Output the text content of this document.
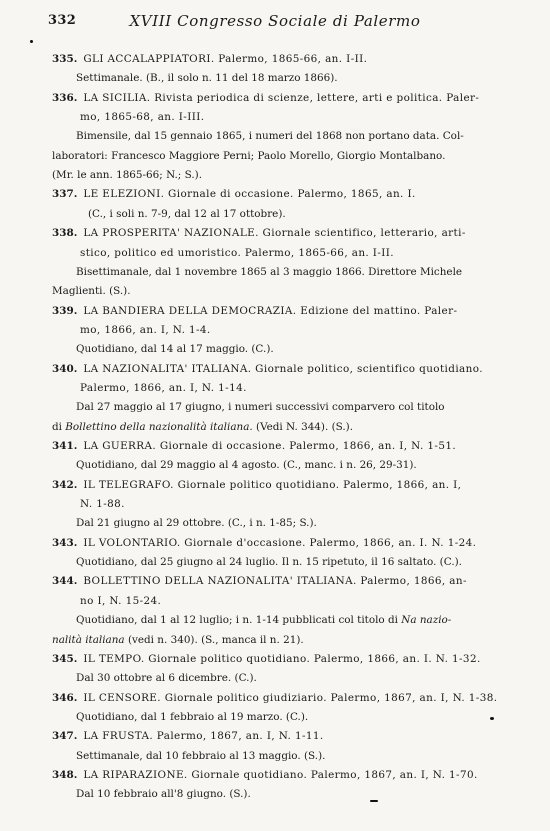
332	XVIII Congresso Sociale di Palermo
335. GLI ACCALAPPIATORI. Palermo, 1865-66, an. I-II.
Settimanale. (B., il solo n. 11 del 18 marzo 1866).
336. LA SICILIA. Rivista periodica di scienze, lettere, arti e politica. Paler-
mo, 1865-68, an. I-III.
Bimensile, dal 15 gennaio 1865, i numeri del 1868 non portano data. Col-
laboratori: Francesco Maggiore Perni; Paolo Morello, Giorgio Montalbano.
(Mr. le ann. 1865-66; N.; S.).
337. LE ELEZIONI. Giornale di occasione. Palermo, 1865, an. I.
(C., i soli n. 7-9, dal 12 al 17 ottobre).
338. LA PROSPERITA' NAZIONALE. Giornale scientifico, letterario, arti-
stico, politico ed umoristico. Palermo, 1865-66, an. I-II.
Bisettimanale, dal 1 novembre 1865 al 3 maggio 1866. Direttore Michele
Maglienti. (S.).
339. LA BANDIERA DELLA DEMOCRAZIA. Edizione del mattino. Paler-
mo, 1866, an. I, N. 1-4.
Quotidiano, dal 14 al 17 maggio. (C.).
340. LA NAZIONALITA' ITALIANA. Giornale politico, scientifico quotidiano.
Palermo, 1866, an. I, N. 1-14.
Dal 27 maggio al 17 giugno, i numeri successivi comparvero col titolo
di Bollettino della nazionalità italiana. (Vedi N. 344). (S.).
341. LA GUERRA. Giornale di occasione. Palermo, 1866, an. I, N. 1-51.
Quotidiano, dal 29 maggio al 4 agosto. (C., manc. i n. 26, 29-31).
342. IL TELEGRAFO. Giornale politico quotidiano. Palermo, 1866, an. I,
N. 1-88.
Dal 21 giugno al 29 ottobre. (C., i n. 1-85; S.).
343. IL VOLONTARIO. Giornale d'occasione. Palermo, 1866, an. I. N. 1-24.
Quotidiano, dal 25 giugno al 24 luglio. Il n. 15 ripetuto, il 16 saltato. (C.).
344. BOLLETTINO DELLA NAZIONALITA' ITALIANA. Palermo, 1866, an-
no I, N. 15-24.
Quotidiano, dal 1 al 12 luglio; i n. 1-14 pubblicati col titolo di Na nazio-
nalità italiana (vedi n. 340). (S., manca il n. 21).
345. IL TEMPO. Giornale politico quotidiano. Palermo, 1866, an. I. N. 1-32.
Dal 30 ottobre al 6 dicembre. (C.).
346. IL CENSORE. Giornale politico giudiziario. Palermo, 1867, an. I, N. 1-38.
Quotidiano, dal 1 febbraio al 19 marzo. (C.).
347. LA FRUSTA. Palermo, 1867, an. I, N. 1-11.
Settimanale, dal 10 febbraio al 13 maggio. (S.).
348. LA RIPARAZIONE. Giornale quotidiano. Palermo, 1867, an. I, N. 1-70.
Dal 10 febbraio all'8 giugno. (S.).
